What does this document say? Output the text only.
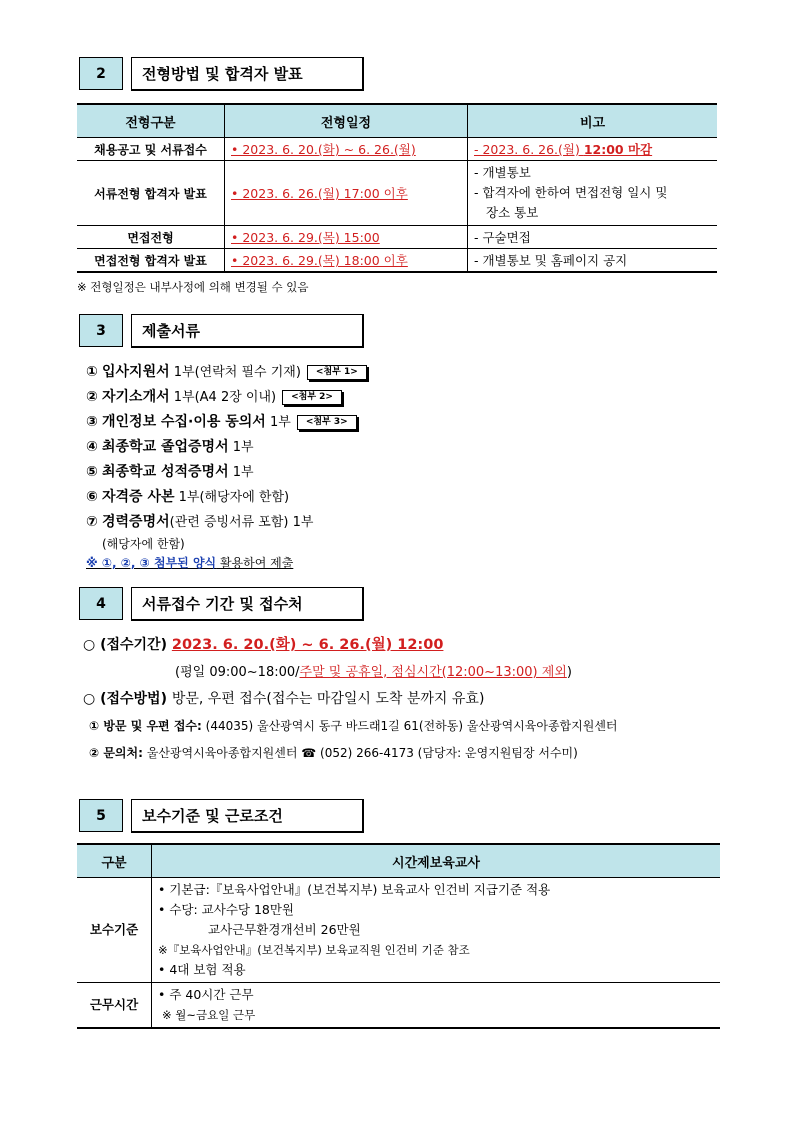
2	전형방법 및 합격자 발표
전형구분	전형일정	비고
채용공고 및 서류접수	• 2023. 6. 20.(화) ~ 6. 26.(월)	- 2023. 6. 26.(월) 12:00 마감
서류전형 합격자 발표	• 2023. 6. 26.(월) 17:00 이후	- 개별통보
- 합격자에 한하여 면접전형 일시 및
장소 통보

면접전형	• 2023. 6. 29.(목) 15:00	- 구술면접
면접전형 합격자 발표	• 2023. 6. 29.(목) 18:00 이후	- 개별통보 및 홈페이지 공지
※ 전형일정은 내부사정에 의해 변경될 수 있음
3	제출서류
① 입사지원서 1부(연락처 필수 기재) <첨부 1>
② 자기소개서 1부(A4 2장 이내) <첨부 2>
③ 개인정보 수집·이용 동의서 1부 <첨부 3>
④ 최종학교 졸업증명서 1부
⑤ 최종학교 성적증명서 1부
⑥ 자격증 사본 1부(해당자에 한함)
⑦ 경력증명서(관련 증빙서류 포함) 1부
(해당자에 한함)
※ ①, ②, ③ 첨부된 양식 활용하여 제출
4	서류접수 기간 및 접수처
○ (접수기간) 2023. 6. 20.(화) ~ 6. 26.(월) 12:00
(평일 09:00~18:00/주말 및 공휴일, 점심시간(12:00~13:00) 제외)
○ (접수방법) 방문, 우편 접수(접수는 마감일시 도착 분까지 유효)
① 방문 및 우편 접수: (44035) 울산광역시 동구 바드래1길 61(전하동) 울산광역시육아종합지원센터
② 문의처: 울산광역시육아종합지원센터 ☎ (052) 266-4173 (담당자: 운영지원팀장 서수미)
5	보수기준 및 근로조건
구분	시간제보육교사
보수기준	• 기본급:『보육사업안내』(보건복지부) 보육교사 인건비 지급기준 적용
• 수당: 교사수당 18만원
교사근무환경개선비 26만원
※『보육사업안내』(보건복지부) 보육교직원 인건비 기준 참조
• 4대 보험 적용

근무시간	• 주 40시간 근무
※ 월~금요일 근무
